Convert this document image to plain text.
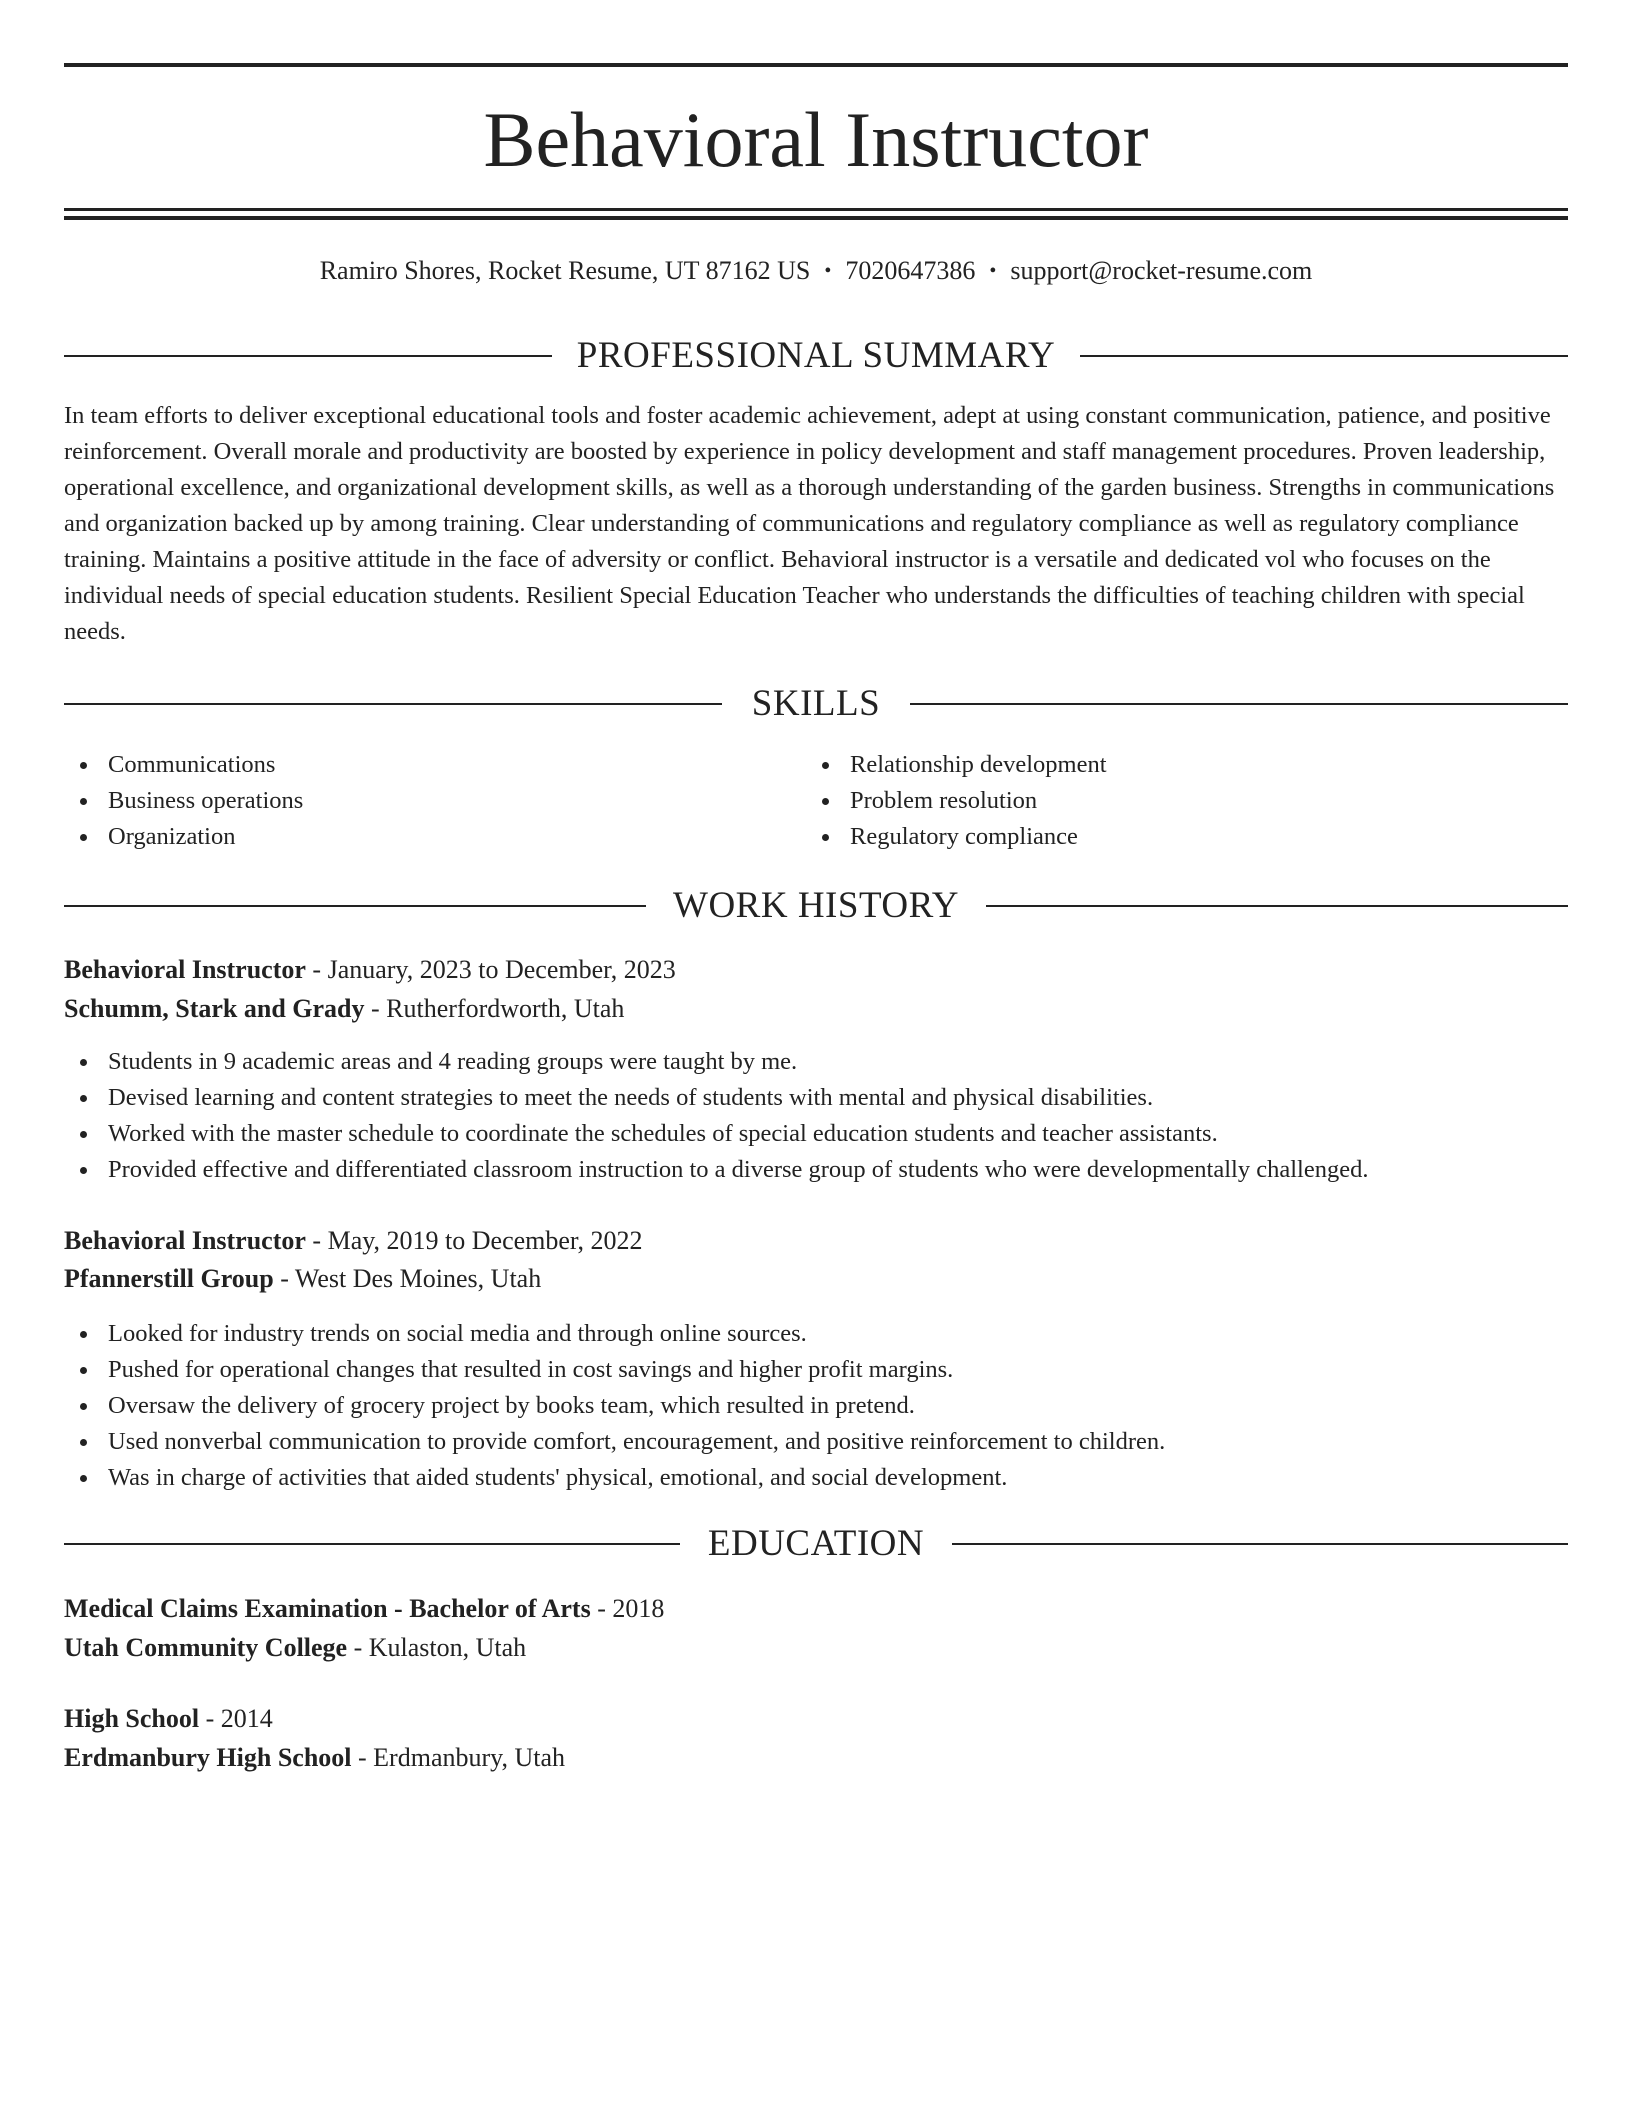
Behavioral Instructor
Ramiro Shores, Rocket Resume, UT 87162 US • 7020647386 • support@rocket-resume.com
PROFESSIONAL SUMMARY

In team efforts to deliver exceptional educational tools and foster academic achievement, adept at using constant communication, patience, and positive reinforcement. Overall morale and productivity are boosted by experience in policy development and staff management procedures. Proven leadership, operational excellence, and organizational development skills, as well as a thorough understanding of the garden business. Strengths in communications and organization backed up by among training. Clear understanding of communications and regulatory compliance as well as regulatory compliance training. Maintains a positive attitude in the face of adversity or conflict. Behavioral instructor is a versatile and dedicated vol who focuses on the individual needs of special education students. Resilient Special Education Teacher who understands the difficulties of teaching children with special needs.

SKILLS
Communications
Business operations
Organization
Relationship development
Problem resolution
Regulatory compliance
WORK HISTORY
Behavioral Instructor - January, 2023 to December, 2023
Schumm, Stark and Grady - Rutherfordworth, Utah
Students in 9 academic areas and 4 reading groups were taught by me.
Devised learning and content strategies to meet the needs of students with mental and physical disabilities.
Worked with the master schedule to coordinate the schedules of special education students and teacher assistants.
Provided effective and differentiated classroom instruction to a diverse group of students who were developmentally challenged.
Behavioral Instructor - May, 2019 to December, 2022
Pfannerstill Group - West Des Moines, Utah
Looked for industry trends on social media and through online sources.
Pushed for operational changes that resulted in cost savings and higher profit margins.
Oversaw the delivery of grocery project by books team, which resulted in pretend.
Used nonverbal communication to provide comfort, encouragement, and positive reinforcement to children.
Was in charge of activities that aided students' physical, emotional, and social development.
EDUCATION
Medical Claims Examination - Bachelor of Arts - 2018
Utah Community College - Kulaston, Utah
High School - 2014
Erdmanbury High School - Erdmanbury, Utah
